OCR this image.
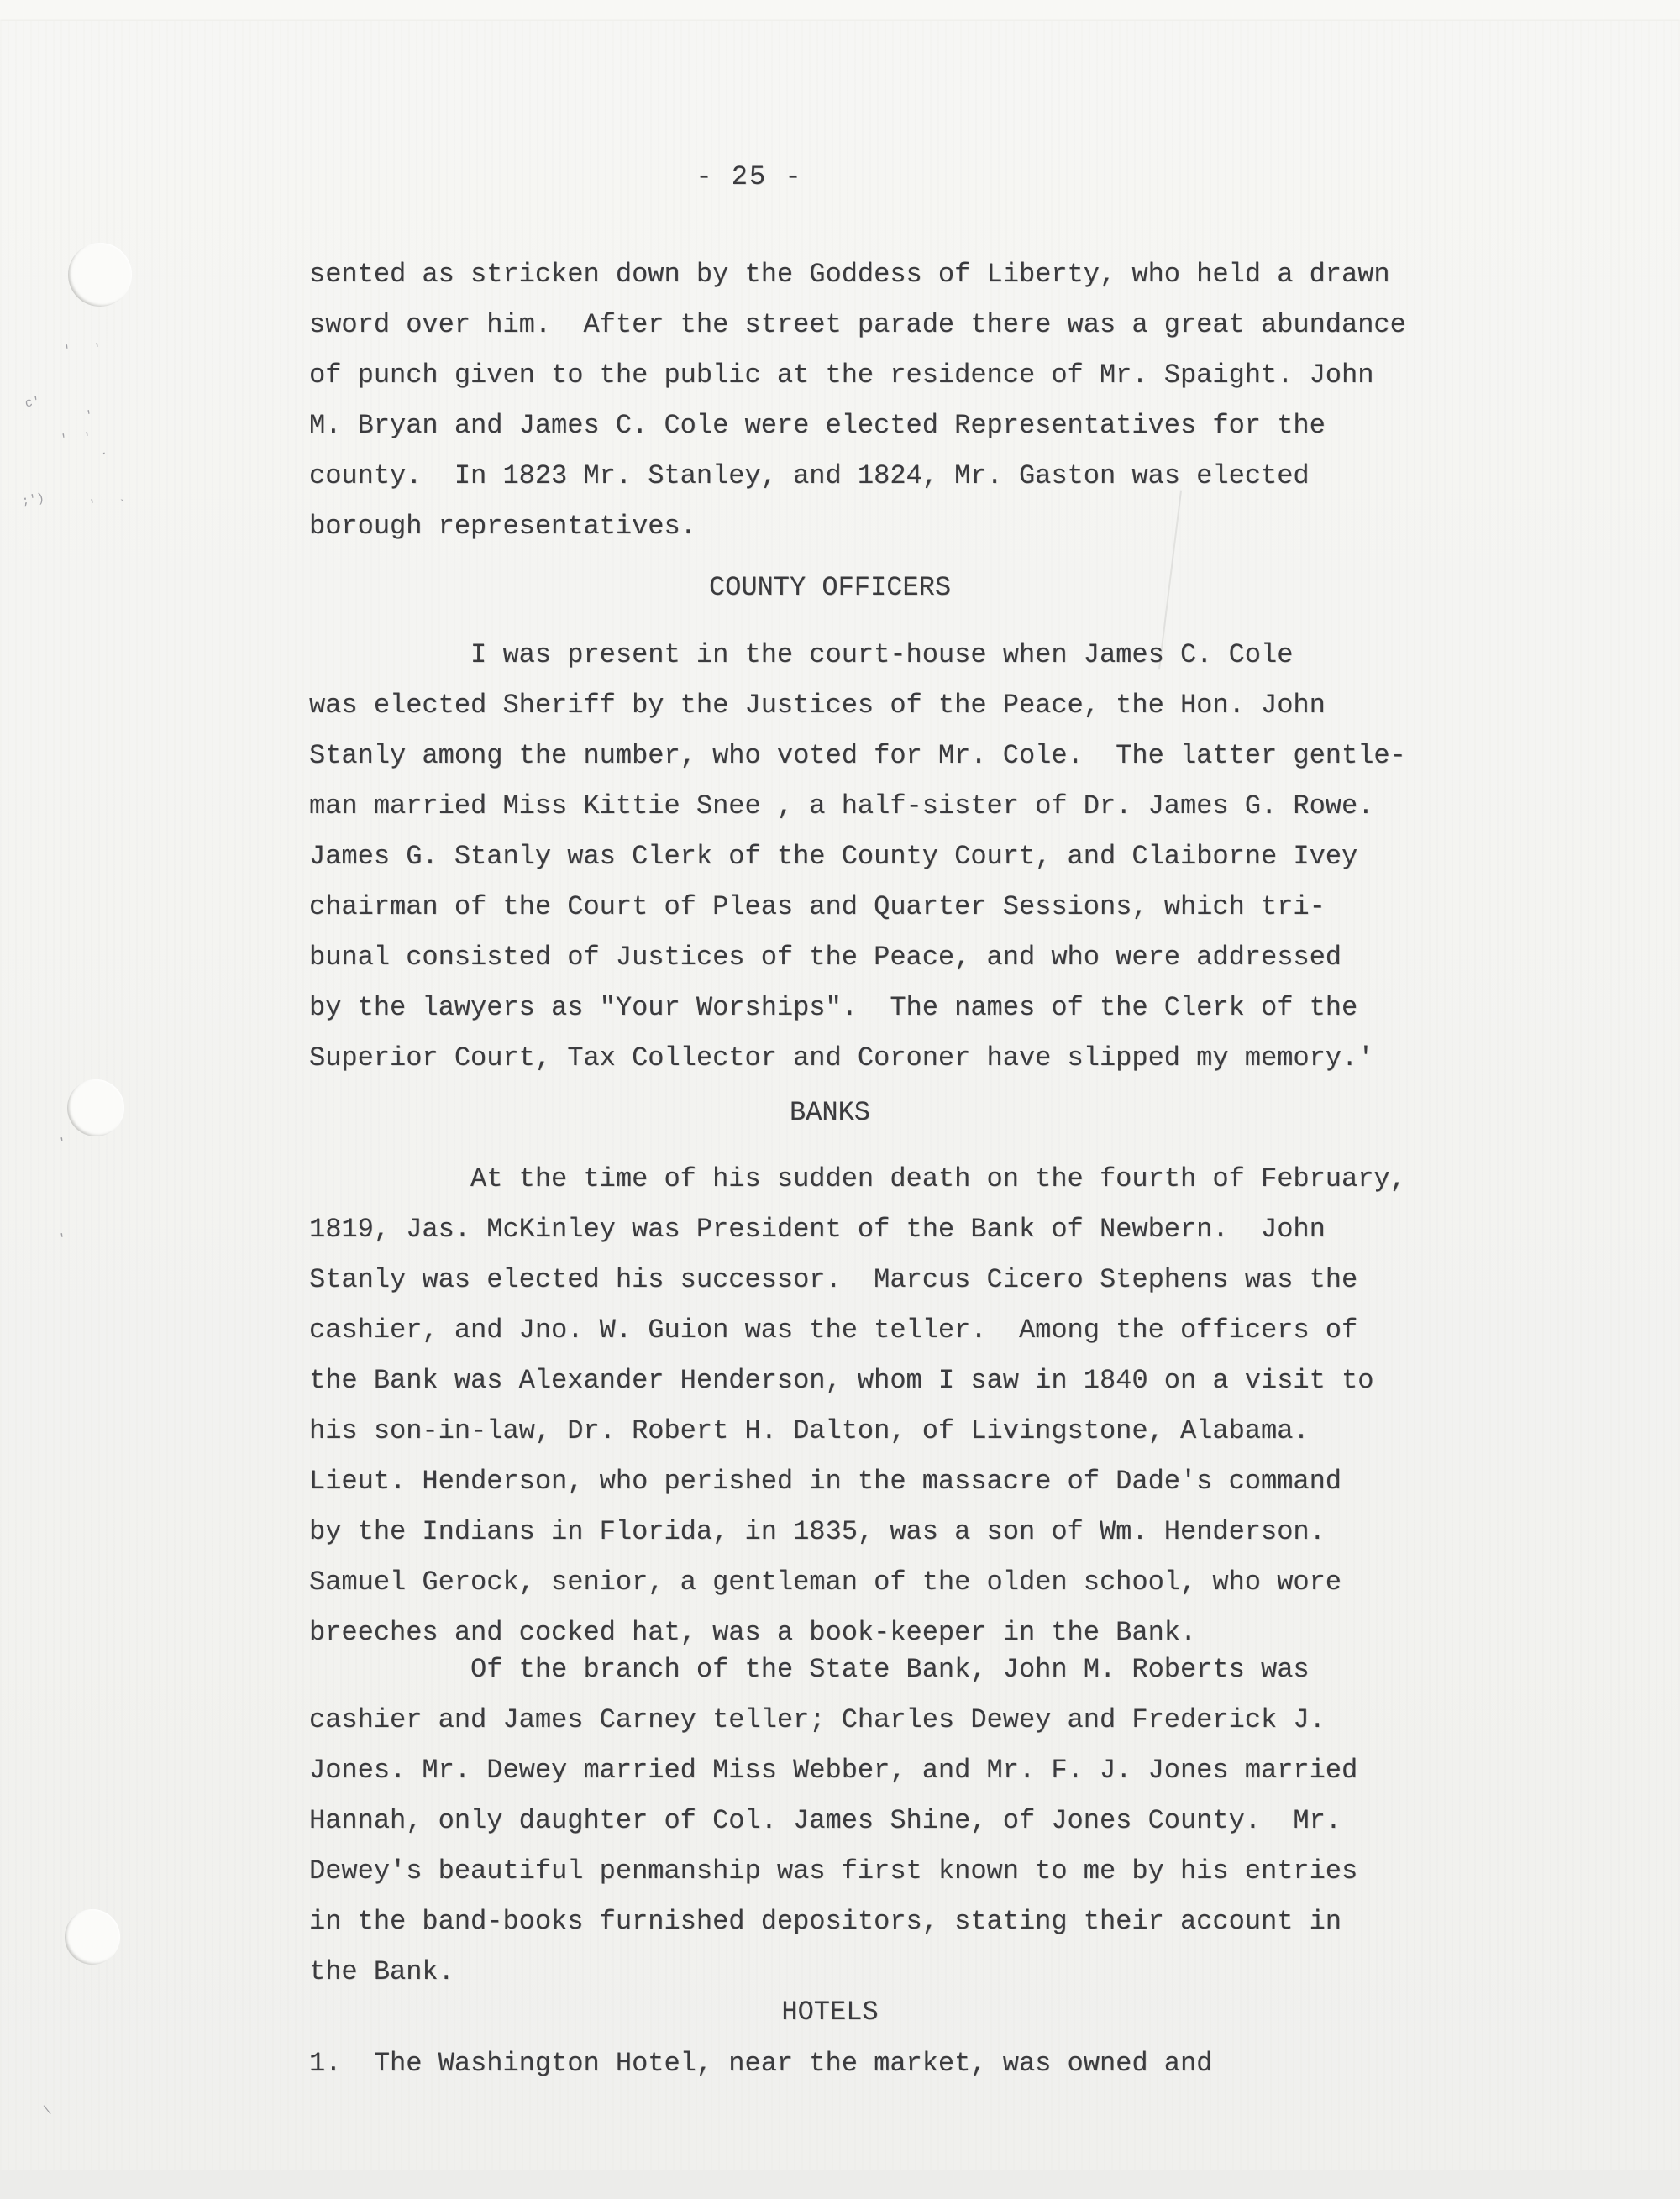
' '
c'
'
' '
.
;')	' `
'
'
\
- 25 -
sented as stricken down by the Goddess of Liberty, who held a drawn
sword over him.  After the street parade there was a great abundance
of punch given to the public at the residence of Mr. Spaight. John
M. Bryan and James C. Cole were elected Representatives for the
county.  In 1823 Mr. Stanley, and 1824, Mr. Gaston was elected
borough representatives.
COUNTY OFFICERS
I was present in the court-house when James C. Cole
was elected Sheriff by the Justices of the Peace, the Hon. John
Stanly among the number, who voted for Mr. Cole.  The latter gentle-
man married Miss Kittie Snee , a half-sister of Dr. James G. Rowe.
James G. Stanly was Clerk of the County Court, and Claiborne Ivey
chairman of the Court of Pleas and Quarter Sessions, which tri-
bunal consisted of Justices of the Peace, and who were addressed
by the lawyers as "Your Worships".  The names of the Clerk of the
Superior Court, Tax Collector and Coroner have slipped my memory.'
BANKS
At the time of his sudden death on the fourth of February,
1819, Jas. McKinley was President of the Bank of Newbern.  John
Stanly was elected his successor.  Marcus Cicero Stephens was the
cashier, and Jno. W. Guion was the teller.  Among the officers of
the Bank was Alexander Henderson, whom I saw in 1840 on a visit to
his son-in-law, Dr. Robert H. Dalton, of Livingstone, Alabama.
Lieut. Henderson, who perished in the massacre of Dade's command
by the Indians in Florida, in 1835, was a son of Wm. Henderson.
Samuel Gerock, senior, a gentleman of the olden school, who wore
breeches and cocked hat, was a book-keeper in the Bank.
Of the branch of the State Bank, John M. Roberts was
cashier and James Carney teller; Charles Dewey and Frederick J.
Jones. Mr. Dewey married Miss Webber, and Mr. F. J. Jones married
Hannah, only daughter of Col. James Shine, of Jones County.  Mr.
Dewey's beautiful penmanship was first known to me by his entries
in the band-books furnished depositors, stating their account in
the Bank.
HOTELS
1.  The Washington Hotel, near the market, was owned and
